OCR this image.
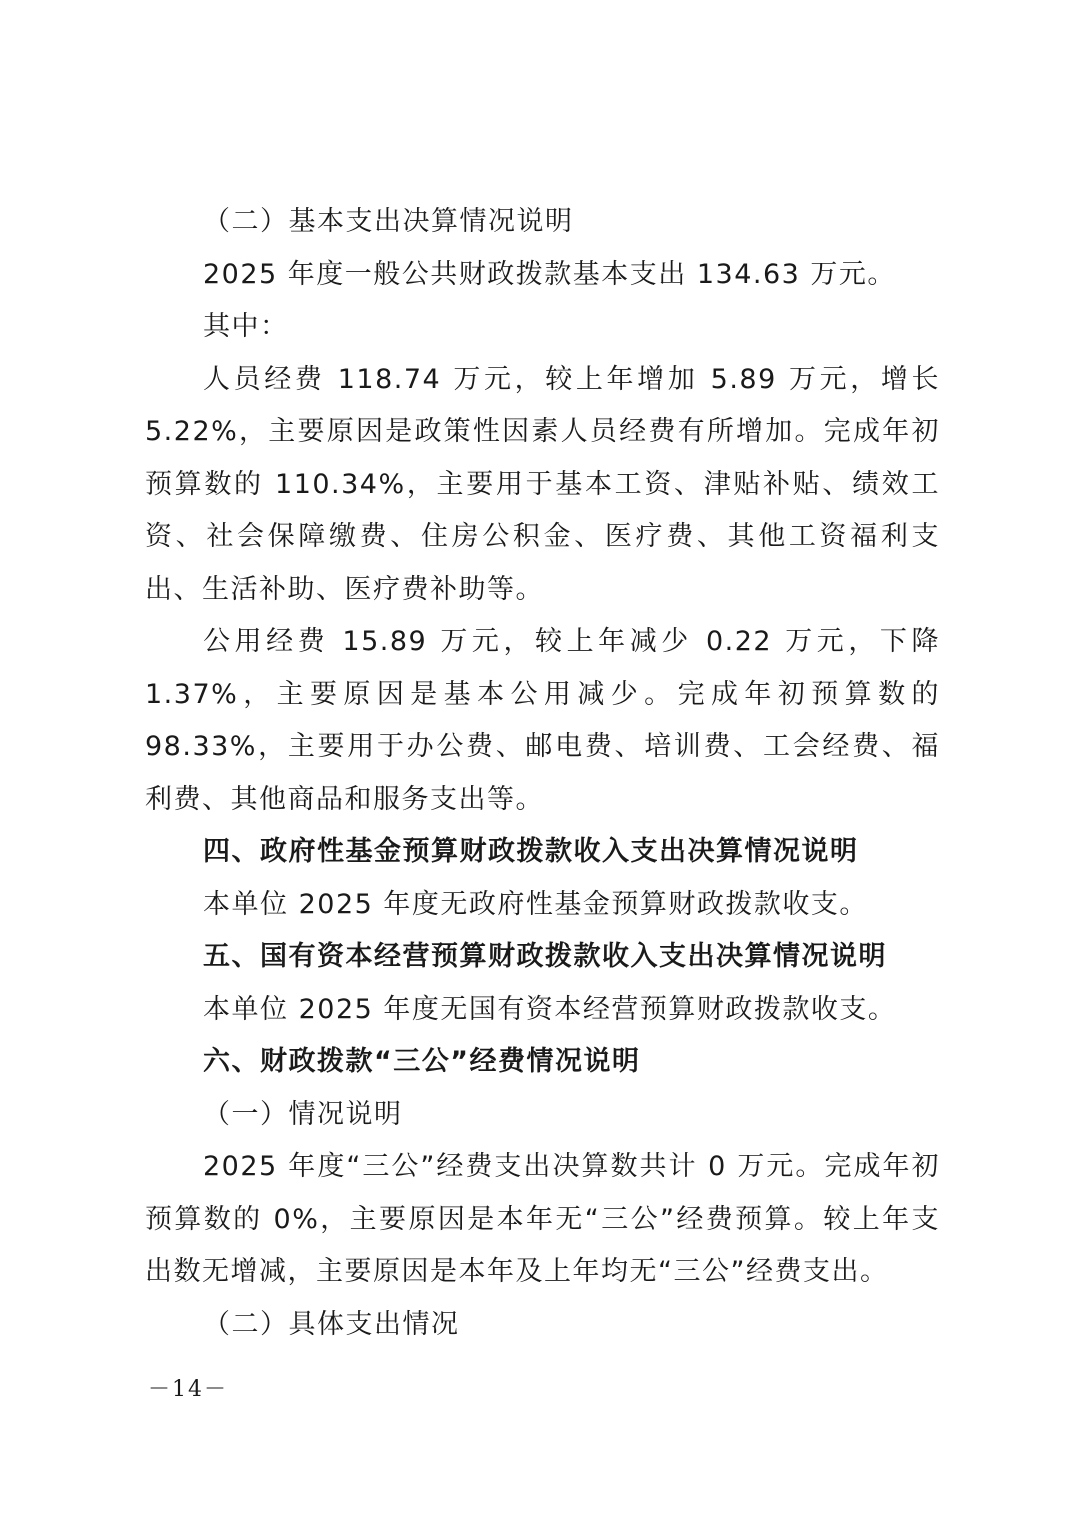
（二）基本支出决算情况说明

2025 年度一般公共财政拨款基本支出 134.63 万元。

其中：

人员经费 118.74 万元，较上年增加 5.89 万元，增长 5.22%，主要原因是政策性因素人员经费有所增加。完成年初预算数的 110.34%，主要用于基本工资、津贴补贴、绩效工资、社会保障缴费、住房公积金、医疗费、其他工资福利支出、生活补助、医疗费补助等。

公用经费 15.89 万元，较上年减少 0.22 万元，下降 1.37%，主要原因是基本公用减少。完成年初预算数的 98.33%，主要用于办公费、邮电费、培训费、工会经费、福利费、其他商品和服务支出等。

四、政府性基金预算财政拨款收入支出决算情况说明

本单位 2025 年度无政府性基金预算财政拨款收支。

五、国有资本经营预算财政拨款收入支出决算情况说明

本单位 2025 年度无国有资本经营预算财政拨款收支。

六、财政拨款“三公”经费情况说明

（一）情况说明

2025 年度“三公”经费支出决算数共计 0 万元。完成年初预算数的 0%，主要原因是本年无“三公”经费预算。较上年支出数无增减，主要原因是本年及上年均无“三公”经费支出。

（二）具体支出情况

－14－
